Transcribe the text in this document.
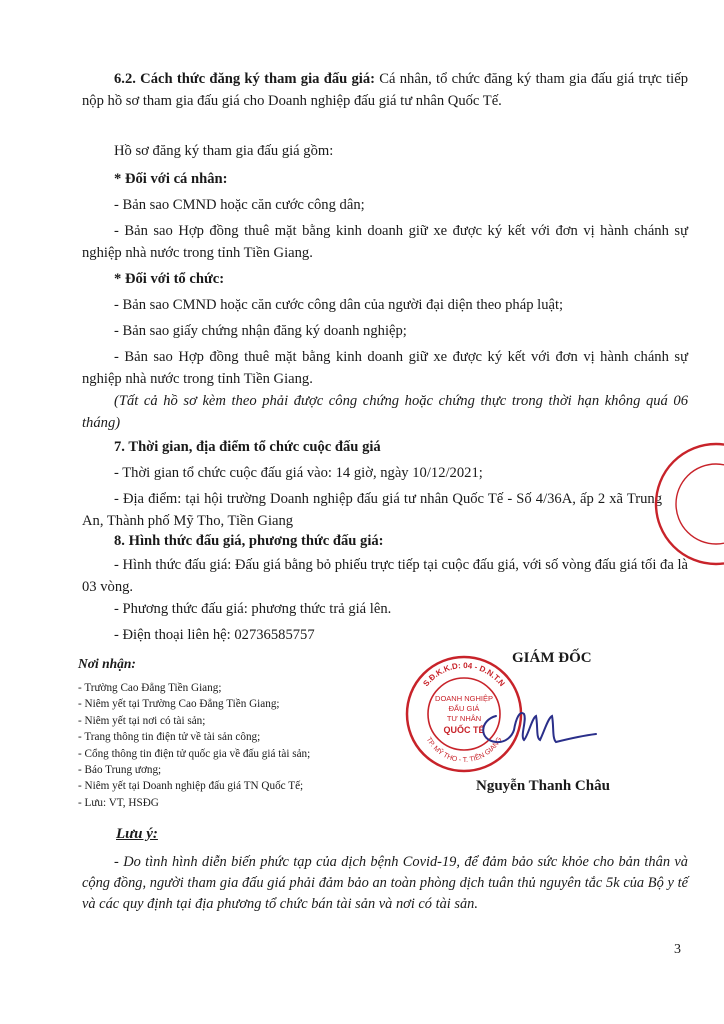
6.2. Cách thức đăng ký tham gia đấu giá: Cá nhân, tổ chức đăng ký tham gia đấu giá trực tiếp nộp hồ sơ tham gia đấu giá cho Doanh nghiệp đấu giá tư nhân Quốc Tế.

Hồ sơ đăng ký tham gia đấu giá gồm:

* Đối với cá nhân:

- Bản sao CMND hoặc căn cước công dân;

- Bản sao Hợp đồng thuê mặt bằng kinh doanh giữ xe được ký kết với đơn vị hành chánh sự nghiệp nhà nước trong tỉnh Tiền Giang.

* Đối với tổ chức:

- Bản sao CMND hoặc căn cước công dân của người đại diện theo pháp luật;

- Bản sao giấy chứng nhận đăng ký doanh nghiệp;

- Bản sao Hợp đồng thuê mặt bằng kinh doanh giữ xe được ký kết với đơn vị hành chánh sự nghiệp nhà nước trong tỉnh Tiền Giang.

(Tất cả hồ sơ kèm theo phải được công chứng hoặc chứng thực trong thời hạn không quá 06 tháng)

7. Thời gian, địa điểm tổ chức cuộc đấu giá

- Thời gian tổ chức cuộc đấu giá vào: 14 giờ, ngày 10/12/2021;

- Địa điểm: tại hội trường Doanh nghiệp đấu giá tư nhân Quốc Tế - Số 4/36A, ấp 2 xã Trung An, Thành phố Mỹ Tho, Tiền Giang

8. Hình thức đấu giá, phương thức đấu giá:

- Hình thức đấu giá: Đấu giá bằng bỏ phiếu trực tiếp tại cuộc đấu giá, với số vòng đấu giá tối đa là 03 vòng.

- Phương thức đấu giá: phương thức trả giá lên.

- Điện thoại liên hệ: 02736585757

Nơi nhận:
- Trường Cao Đẳng Tiền Giang;
- Niêm yết tại Trường Cao Đẳng Tiền Giang;
- Niêm yết tại nơi có tài sản;
- Trang thông tin điện tử về tài sản công;
- Cổng thông tin điện tử quốc gia về đấu giá tài sản;
- Báo Trung ương;
- Niêm yết tại Doanh nghiệp đấu giá TN Quốc Tế;
- Lưu: VT, HSĐG
GIÁM ĐỐC
S.Đ.K.K.D: 04 - D.N.T.N
TP. MỸ THO - T. TIỀN GIANG
DOANH NGHIỆP
ĐẤU GIÁ
TƯ NHÂN
QUỐC TẾ
Nguyễn Thanh Châu
Lưu ý:

- Do tình hình diễn biến phức tạp của dịch bệnh Covid-19, để đảm bảo sức khỏe cho bản thân và cộng đồng, người tham gia đấu giá phải đảm bảo an toàn phòng dịch tuân thủ nguyên tắc 5k của Bộ y tế và các quy định tại địa phương tổ chức bán tài sản và nơi có tài sản.

3
